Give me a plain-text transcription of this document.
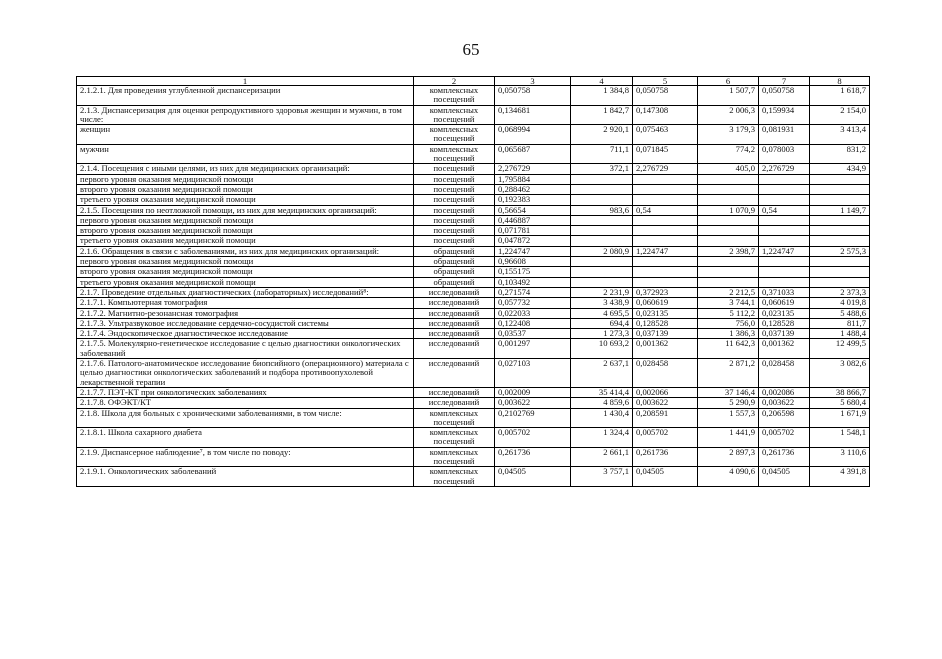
65
1	2	3	4	5	6	7	8
2.1.2.1. Для проведения углубленной диспансеризации	комплексных посещений	0,050758	1 384,8	0,050758	1 507,7	0,050758	1 618,7
2.1.3. Диспансеризация для оценки репродуктивного здоровья женщин и мужчин, в том числе:	комплексных посещений	0,134681	1 842,7	0,147308	2 006,3	0,159934	2 154,0
женщин	комплексных посещений	0,068994	2 920,1	0,075463	3 179,3	0,081931	3 413,4
мужчин	комплексных посещений	0,065687	711,1	0,071845	774,2	0,078003	831,2
2.1.4. Посещения с иными целями, из них для медицинских организаций:	посещений	2,276729	372,1	2,276729	405,0	2,276729	434,9
первого уровня оказания медицинской помощи	посещений	1,795884					
второго уровня оказания медицинской помощи	посещений	0,288462					
третьего уровня оказания медицинской помощи	посещений	0,192383					
2.1.5. Посещения по неотложной помощи, из них для медицинских организаций:	посещений	0,56654	983,6	0,54	1 070,9	0,54	1 149,7
первого уровня оказания медицинской помощи	посещений	0,446887					
второго уровня оказания медицинской помощи	посещений	0,071781					
третьего уровня оказания медицинской помощи	посещений	0,047872					
2.1.6. Обращения в связи с заболеваниями, из них для медицинских организаций:	обращений	1,224747	2 080,9	1,224747	2 398,7	1,224747	2 575,3
первого уровня оказания медицинской помощи	обращений	0,96608					
второго уровня оказания медицинской помощи	обращений	0,155175					
третьего уровня оказания медицинской помощи	обращений	0,103492					
2.1.7. Проведение отдельных диагностических (лабораторных) исследований⁸:	исследований	0,271574	2 231,9	0,372923	2 212,5	0,371033	2 373,3
2.1.7.1. Компьютерная томография	исследований	0,057732	3 438,9	0,060619	3 744,1	0,060619	4 019,8
2.1.7.2. Магнитно-резонансная томография	исследований	0,022033	4 695,5	0,023135	5 112,2	0,023135	5 488,6
2.1.7.3. Ультразвуковое исследование сердечно-сосудистой системы	исследований	0,122408	694,4	0,128528	756,0	0,128528	811,7
2.1.7.4. Эндоскопическое диагностическое исследование	исследований	0,03537	1 273,3	0,037139	1 386,3	0,037139	1 488,4
2.1.7.5. Молекулярно-генетическое исследование с целью диагностики онкологических заболеваний	исследований	0,001297	10 693,2	0,001362	11 642,3	0,001362	12 499,5
2.1.7.6. Патолого-анатомическое исследование биопсийного (операционного) материала с целью диагностики онкологических заболеваний и подбора противоопухолевой лекарственной терапии	исследований	0,027103	2 637,1	0,028458	2 871,2	0,028458	3 082,6
2.1.7.7. ПЭТ-КТ при онкологических заболеваниях	исследований	0,002009	35 414,4	0,002066	37 146,4	0,002086	38 866,7
2.1.7.8. ОФЭКТ/КТ	исследований	0,003622	4 859,6	0,003622	5 290,9	0,003622	5 680,4
2.1.8. Школа для больных с хроническими заболеваниями, в том числе:	комплексных посещений	0,2102769	1 430,4	0,208591	1 557,3	0,206598	1 671,9
2.1.8.1. Школа сахарного диабета	комплексных посещений	0,005702	1 324,4	0,005702	1 441,9	0,005702	1 548,1
2.1.9. Диспансерное наблюдение⁷, в том числе по поводу:	комплексных посещений	0,261736	2 661,1	0,261736	2 897,3	0,261736	3 110,6
2.1.9.1. Онкологических заболеваний	комплексных посещений	0,04505	3 757,1	0,04505	4 090,6	0,04505	4 391,8
